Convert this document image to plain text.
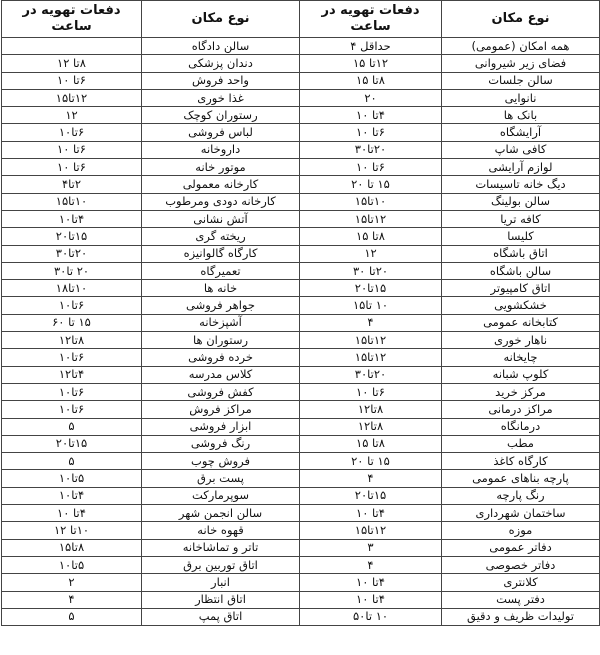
نوع مکان	دفعات تهویه در ساعت	نوع مکان	دفعات تهویه در ساعت
همه امکان (عمومی)	حداقل ۴	سالن دادگاه	
فضای زیر شیروانی	۱۲تا ۱۵	دندان پزشکی	۸تا ۱۲
سالن جلسات	۸تا ۱۵	واحد فروش	۶تا ۱۰
نانوایی	۲۰	غذا خوری	۱۲تا۱۵
بانک ها	۴تا ۱۰	رستوران کوچک	۱۲
آرایشگاه	۶تا ۱۰	لباس فروشی	۶تا۱۰
کافی شاپ	۲۰تا۳۰	داروخانه	۶تا ۱۰
لوازم آرایشی	۶تا ۱۰	موتور خانه	۶تا ۱۰
دیگ خانه تاسیسات	۱۵ تا ۲۰	کارخانه معمولی	۲تا۴
سالن بولینگ	۱۰تا۱۵	کارخانه دودی ومرطوب	۱۰تا۱۵
کافه تریا	۱۲تا۱۵	آتش نشانی	۴تا۱۰
کلیسا	۸تا ۱۵	ریخته گری	۱۵تا۲۰
اتاق باشگاه	۱۲	کارگاه گالوانیزه	۲۰تا۳۰
سالن باشگاه	۲۰تا ۳۰	تعمیرگاه	۲۰ تا۳۰
اتاق کامپیوتر	۱۵تا۲۰	خانه ها	۱۰تا۱۸
خشکشویی	۱۰ تا۱۵	جواهر فروشی	۶تا۱۰
کتابخانه عمومی	۴	آشپزخانه	۱۵ تا ۶۰
ناهار خوری	۱۲تا۱۵	رستوران ها	۸تا۱۲
چایخانه	۱۲تا۱۵	خرده فروشی	۶تا۱۰
کلوپ شبانه	۲۰تا۳۰	کلاس مدرسه	۴تا۱۲
مرکز خرید	۶تا ۱۰	کفش فروشی	۶تا۱۰
مراکز درمانی	۸تا۱۲	مراکز فروش	۶تا۱۰
درمانگاه	۸تا۱۲	ابزار فروشی	۵
مطب	۸تا ۱۵	رنگ فروشی	۱۵تا۲۰
کارگاه کاغذ	۱۵ تا ۲۰	فروش چوب	۵
پارچه بناهای عمومی	۴	پست برق	۵تا۱۰
رنگ پارچه	۱۵تا۲۰	سوپرمارکت	۴تا۱۰
ساختمان شهرداری	۴تا ۱۰	سالن انجمن شهر	۴تا ۱۰
موزه	۱۲تا۱۵	قهوه خانه	۱۰تا ۱۲
دفاتر عمومی	۳	تاتر و تماشاخانه	۸تا۱۵
دفاتر خصوصی	۴	اتاق توربین برق	۵تا۱۰
کلانتری	۴تا ۱۰	انبار	۲
دفتر پست	۴تا ۱۰	اتاق انتظار	۴
تولیدات ظریف و دقیق	۱۰ تا۵۰	اتاق پمپ	۵
